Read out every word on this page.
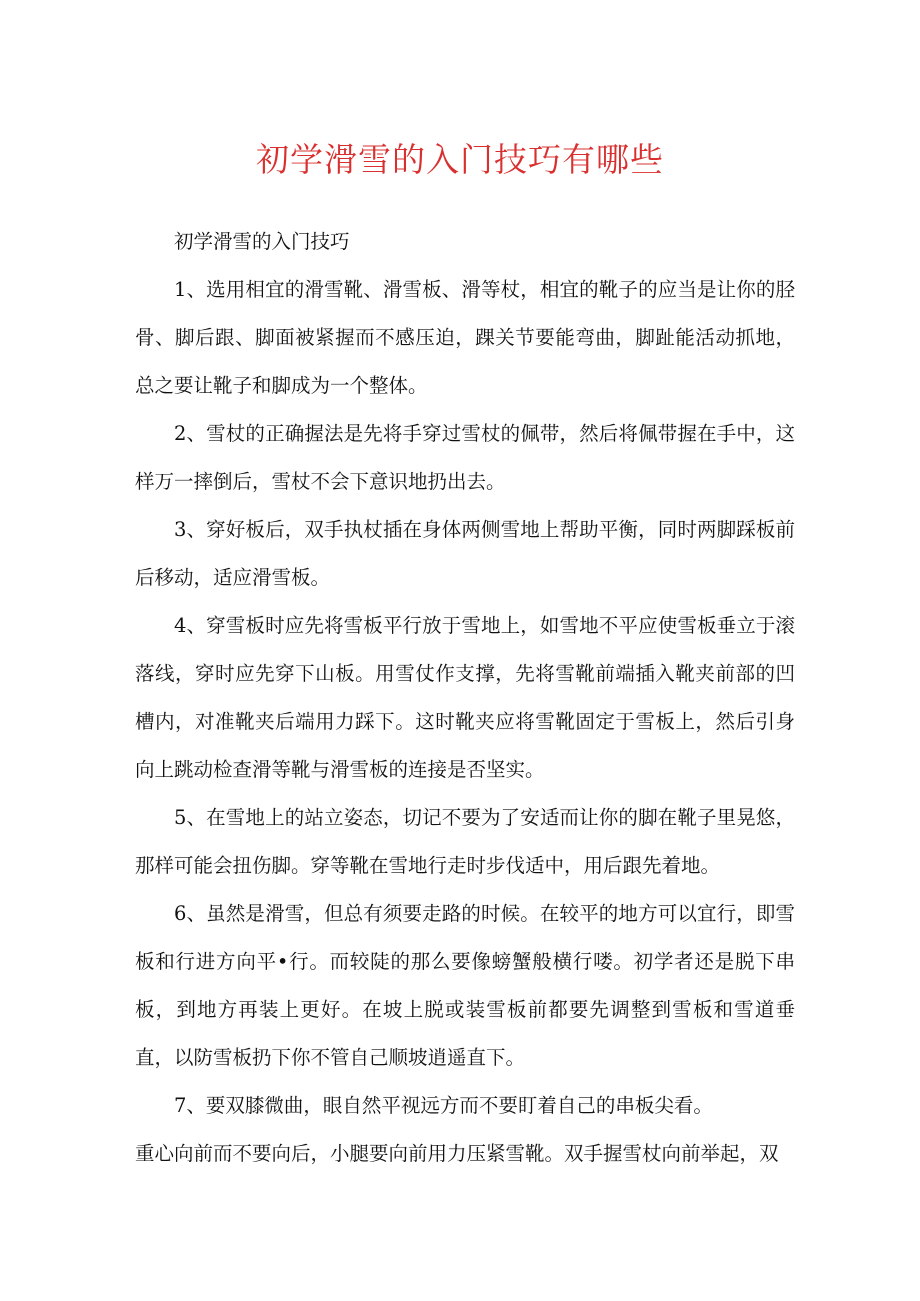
初学滑雪的入门技巧有哪些

初学滑雪的入门技巧

1、选用相宜的滑雪靴、滑雪板、滑等杖，相宜的靴子的应当是让你的胫骨、脚后跟、脚面被紧握而不感压迫，踝关节要能弯曲，脚趾能活动抓地，总之要让靴子和脚成为一个整体。

2、雪杖的正确握法是先将手穿过雪杖的佩带，然后将佩带握在手中，这样万一摔倒后，雪杖不会下意识地扔出去。

3、穿好板后，双手执杖插在身体两侧雪地上帮助平衡，同时两脚踩板前后移动，适应滑雪板。

4、穿雪板时应先将雪板平行放于雪地上，如雪地不平应使雪板垂立于滚落线，穿时应先穿下山板。用雪仗作支撑，先将雪靴前端插入靴夹前部的凹槽内，对准靴夹后端用力踩下。这时靴夹应将雪靴固定于雪板上，然后引身向上跳动检查滑等靴与滑雪板的连接是否坚实。

5、在雪地上的站立姿态，切记不要为了安适而让你的脚在靴子里晃悠，那样可能会扭伤脚。穿等靴在雪地行走时步伐适中，用后跟先着地。

6、虽然是滑雪，但总有须要走路的时候。在较平的地方可以宜行，即雪板和行进方向平•行。而较陡的那么要像螃蟹般横行喽。初学者还是脱下串板，到地方再装上更好。在坡上脱或装雪板前都要先调整到雪板和雪道垂直，以防雪板扔下你不管自己顺坡逍遥直下。

7、要双膝微曲，眼自然平视远方而不要盯着自己的串板尖看。

重心向前而不要向后，小腿要向前用力压紧雪靴。双手握雪杖向前举起，双
